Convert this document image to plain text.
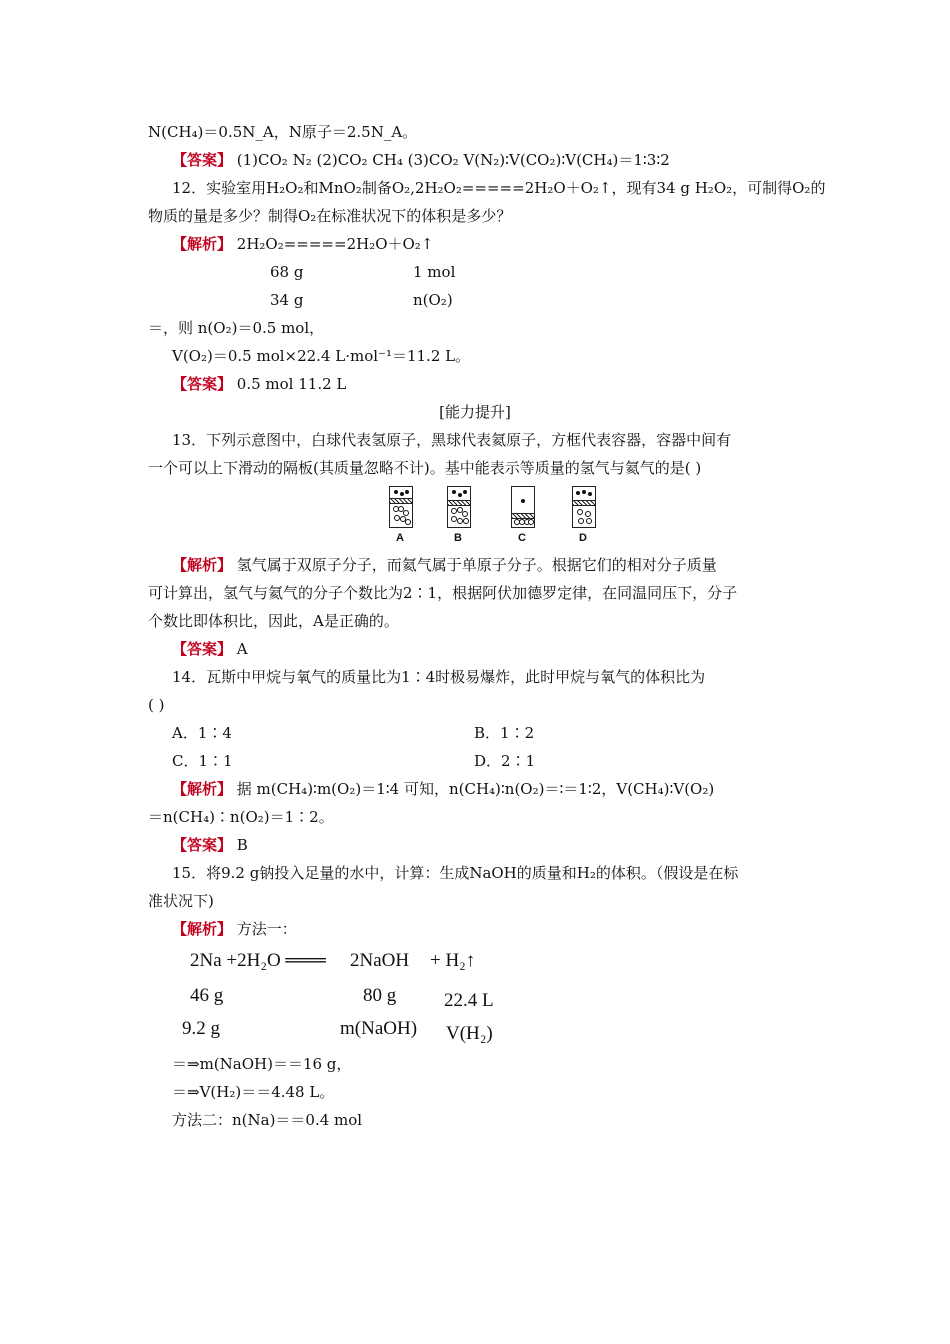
N(CH₄)＝0.5N_A，N原子＝2.5N_A。
【答案】 (1)CO₂ N₂ (2)CO₂ CH₄ (3)CO₂ V(N₂)∶V(CO₂)∶V(CH₄)＝1∶3∶2
12．实验室用H₂O₂和MnO₂制备O₂,2H₂O₂=====2H₂O＋O₂↑，现有34 g H₂O₂，可制得O₂的
物质的量是多少？制得O₂在标准状况下的体积是多少？
【解析】 2H₂O₂=====2H₂O＋O₂↑
68 g	1 mol
34 g	n(O₂)
＝，则 n(O₂)＝0.5 mol，
V(O₂)＝0.5 mol×22.4 L·mol⁻¹＝11.2 L。
【答案】 0.5 mol 11.2 L
[能力提升]
13．下列示意图中，白球代表氢原子，黑球代表氦原子，方框代表容器，容器中间有
一个可以上下滑动的隔板(其质量忽略不计)。基中能表示等质量的氢气与氦气的是( )
A	B	C	D
【解析】 氢气属于双原子分子，而氦气属于单原子分子。根据它们的相对分子质量
可计算出，氢气与氦气的分子个数比为2∶1，根据阿伏加德罗定律，在同温同压下，分子
个数比即体积比，因此，A是正确的。
【答案】 A
14．瓦斯中甲烷与氧气的质量比为1∶4时极易爆炸，此时甲烷与氧气的体积比为
( )
A．1∶4	B．1∶2
C．1∶1	D．2∶1
【解析】 据 m(CH₄)∶m(O₂)＝1∶4 可知，n(CH₄)∶n(O₂)＝∶＝1∶2，V(CH₄)∶V(O₂)
＝n(CH₄)∶n(O₂)＝1∶2。
【答案】 B
15．将9.2 g钠投入足量的水中，计算：生成NaOH的质量和H₂的体积。（假设是在标
准状况下)
【解析】 方法一：
2Na +2H₂O ═══ 2NaOH + H₂↑
46 g	80 g	22.4 L
9.2 g	m(NaOH) V(H₂)
＝⇒m(NaOH)＝＝16 g，
＝⇒V(H₂)＝＝4.48 L。
方法二：n(Na)＝＝0.4 mol
